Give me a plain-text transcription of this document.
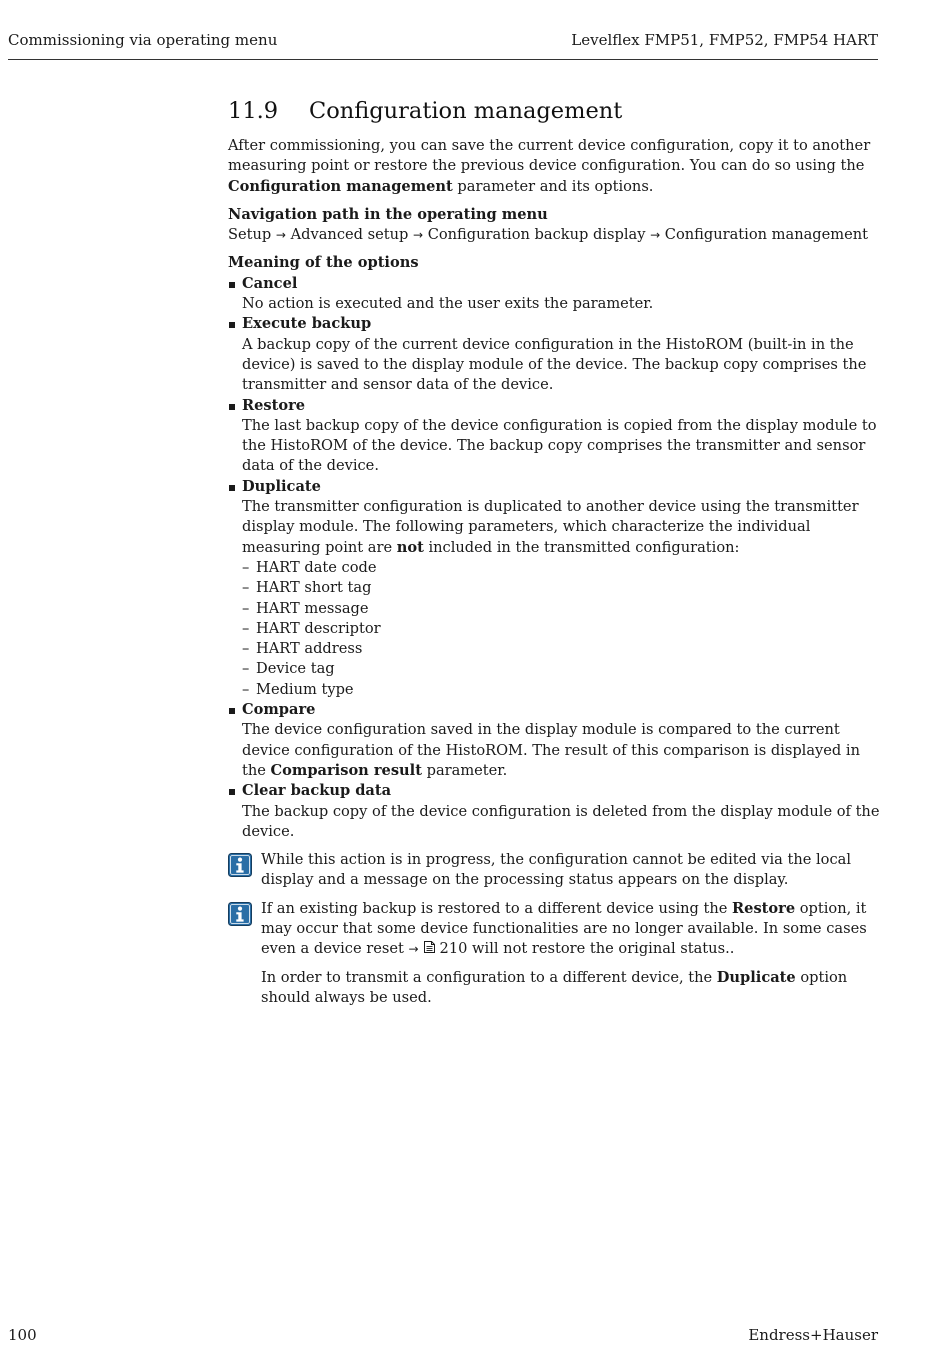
Commissioning via operating menu	Levelflex FMP51, FMP52, FMP54 HART
11.9 Configuration management

After commissioning, you can save the current device configuration, copy it to another measuring point or restore the previous device configuration. You can do so using the Configuration management parameter and its options.

Navigation path in the operating menu

Setup → Advanced setup → Configuration backup display → Configuration management

Meaning of the options

Cancel
No action is executed and the user exits the parameter.
Execute backup
A backup copy of the current device configuration in the HistoROM (built-in in the device) is saved to the display module of the device. The backup copy comprises the transmitter and sensor data of the device.
Restore
The last backup copy of the device configuration is copied from the display module to the HistoROM of the device. The backup copy comprises the transmitter and sensor data of the device.
Duplicate
The transmitter configuration is duplicated to another device using the transmitter display module. The following parameters, which characterize the individual measuring point are not included in the transmitted configuration:
– HART date code
– HART short tag
– HART message
– HART descriptor
– HART address
– Device tag
– Medium type
Compare
The device configuration saved in the display module is compared to the current device configuration of the HistoROM. The result of this comparison is displayed in the Comparison result parameter.
Clear backup data
The backup copy of the device configuration is deleted from the display module of the device.

While this action is in progress, the configuration cannot be edited via the local display and a message on the processing status appears on the display.

If an existing backup is restored to a different device using the Restore option, it may occur that some device functionalities are no longer available. In some cases even a device reset → 210 will not restore the original status..

In order to transmit a configuration to a different device, the Duplicate option should always be used.

100	Endress+Hauser
